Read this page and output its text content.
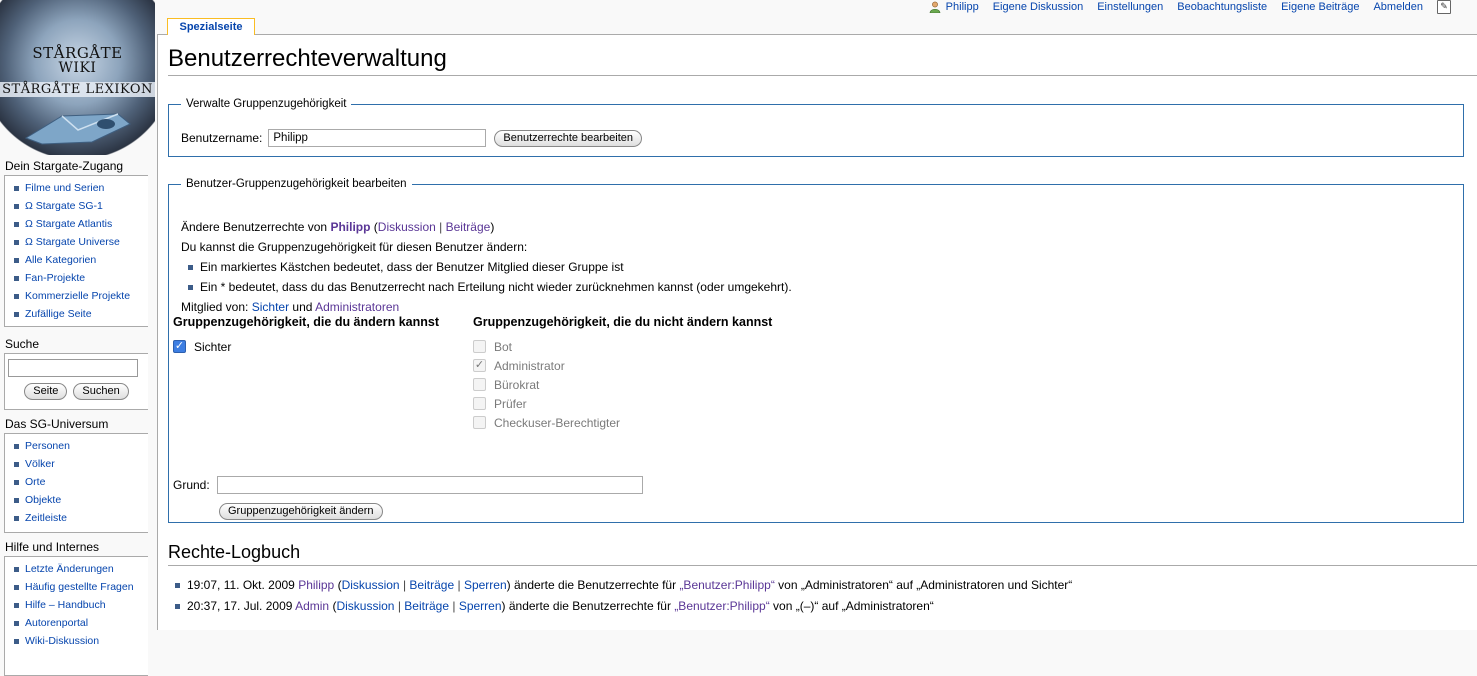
Philipp Eigene Diskussion Einstellungen Beobachtungsliste Eigene Beiträge Abmelden	✎
STÅRGÅTE
WIKI
STÅRGÅTE LEXIKON
Dein Stargate-Zugang
Filme und Serien
Ω Stargate SG-1
Ω Stargate Atlantis
Ω Stargate Universe
Alle Kategorien
Fan-Projekte
Kommerzielle Projekte
Zufällige Seite
Suche
Seite	Suchen
Das SG-Universum
Personen
Völker
Orte
Objekte
Zeitleiste
Hilfe und Internes
Letzte Änderungen
Häufig gestellte Fragen
Hilfe – Handbuch
Autorenportal
Wiki-Diskussion
Spezialseite
Benutzerrechteverwaltung
Verwalte Gruppenzugehörigkeit
Benutzername:
Philipp	Benutzerrechte bearbeiten
Benutzer-Gruppenzugehörigkeit bearbeiten

Ändere Benutzerrechte von Philipp (Diskussion | Beiträge)

Du kannst die Gruppenzugehörigkeit für diesen Benutzer ändern:

Ein markiertes Kästchen bedeutet, dass der Benutzer Mitglied dieser Gruppe ist
Ein * bedeutet, dass du das Benutzerrecht nach Erteilung nicht wieder zurücknehmen kannst (oder umgekehrt).

Mitglied von: Sichter und Administratoren

Gruppenzugehörigkeit, die du ändern kannst
✓ Sichter
Gruppenzugehörigkeit, die du nicht ändern kannst
Bot
✓ Administrator
Bürokrat
Prüfer
Checkuser-Berechtigter
Grund:
Gruppenzugehörigkeit ändern
Rechte-Logbuch
19:07, 11. Okt. 2009 Philipp (Diskussion | Beiträge | Sperren) änderte die Benutzerrechte für „Benutzer:Philipp“ von „Administratoren“ auf „Administratoren und Sichter“
20:37, 17. Jul. 2009 Admin (Diskussion | Beiträge | Sperren) änderte die Benutzerrechte für „Benutzer:Philipp“ von „(–)“ auf „Administratoren“
